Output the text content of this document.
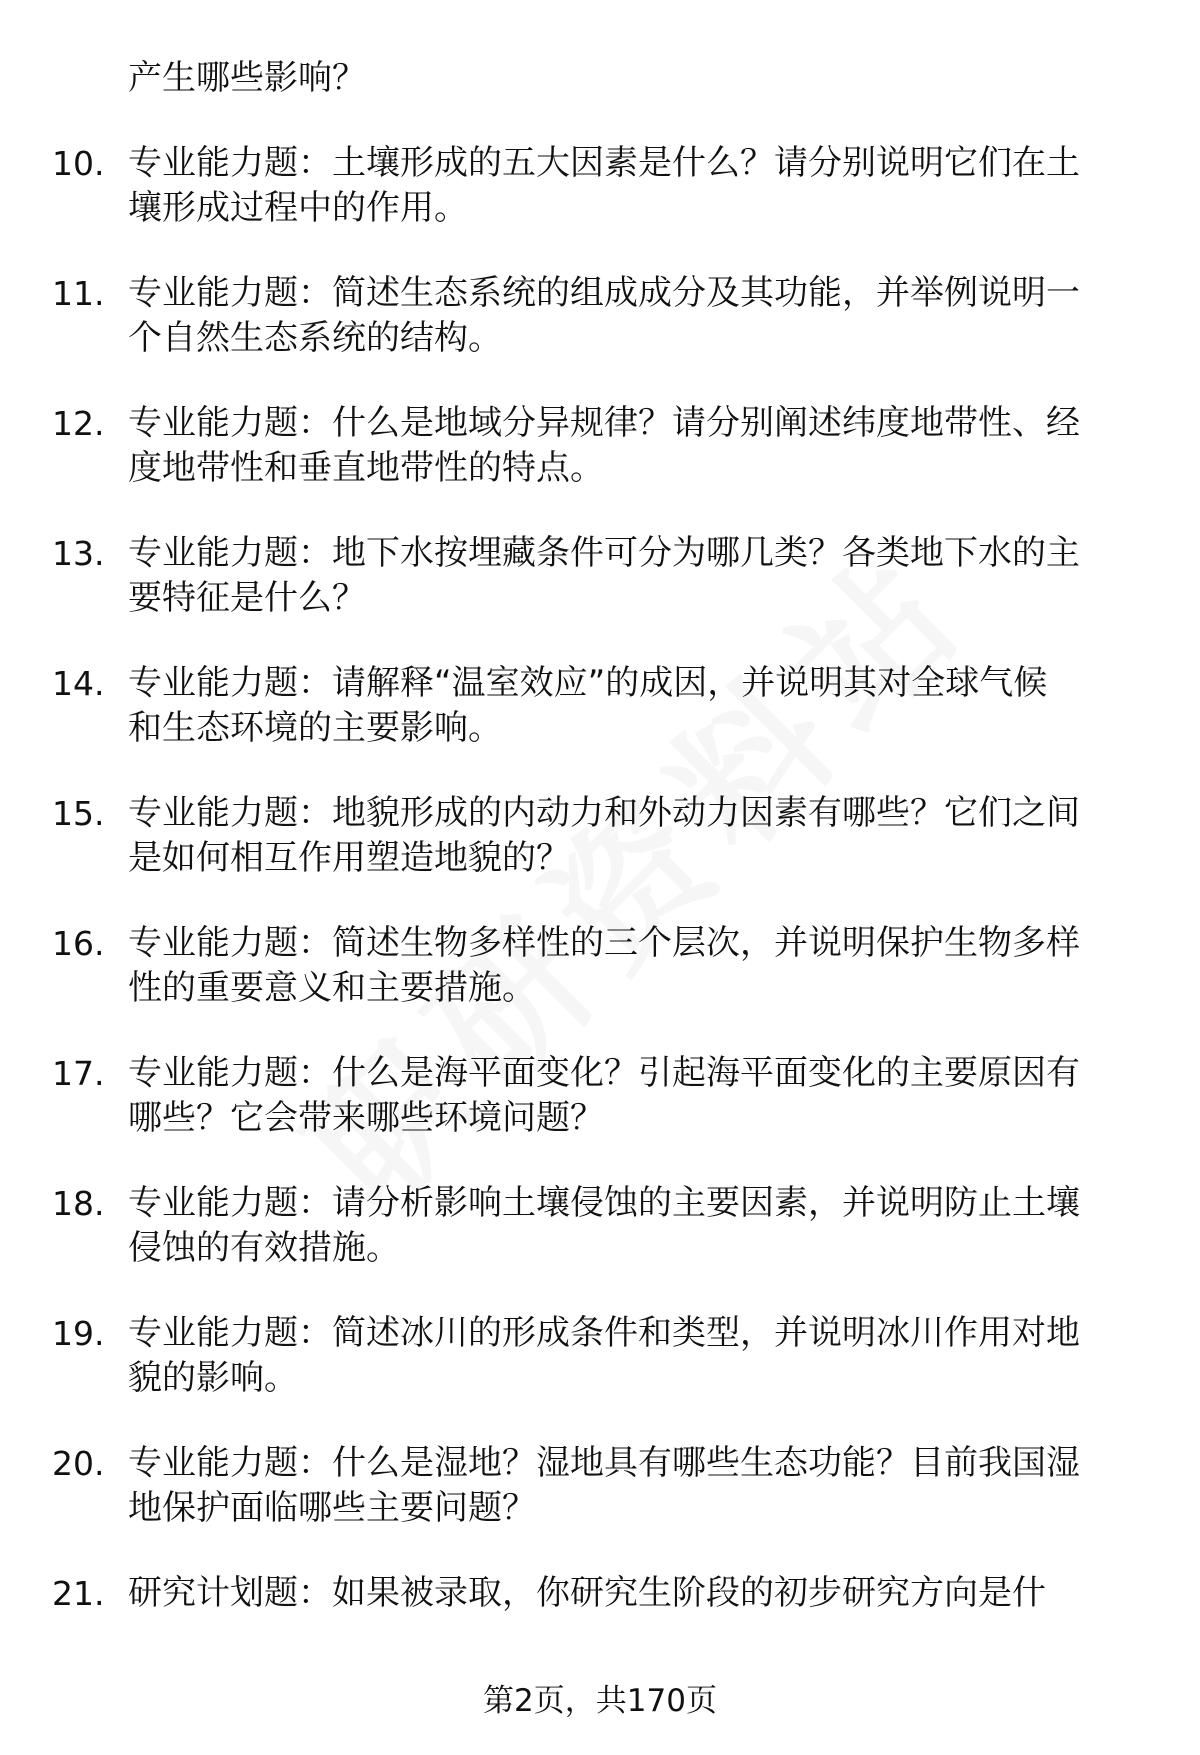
产生哪些影响？
10. 专业能力题：土壤形成的五大因素是什么？请分别说明它们在土
壤形成过程中的作用。
11. 专业能力题：简述生态系统的组成成分及其功能，并举例说明一
个自然生态系统的结构。
12. 专业能力题：什么是地域分异规律？请分别阐述纬度地带性、经
度地带性和垂直地带性的特点。
13. 专业能力题：地下水按埋藏条件可分为哪几类？各类地下水的主
要特征是什么？
14. 专业能力题：请解释“温室效应”的成因，并说明其对全球气候
和生态环境的主要影响。
15. 专业能力题：地貌形成的内动力和外动力因素有哪些？它们之间
是如何相互作用塑造地貌的？
16. 专业能力题：简述生物多样性的三个层次，并说明保护生物多样
性的重要意义和主要措施。
17. 专业能力题：什么是海平面变化？引起海平面变化的主要原因有
哪些？它会带来哪些环境问题？
18. 专业能力题：请分析影响土壤侵蚀的主要因素，并说明防止土壤
侵蚀的有效措施。
19. 专业能力题：简述冰川的形成条件和类型，并说明冰川作用对地
貌的影响。
20. 专业能力题：什么是湿地？湿地具有哪些生态功能？目前我国湿
地保护面临哪些主要问题？
21. 研究计划题：如果被录取，你研究生阶段的初步研究方向是什
第2页，共170页
